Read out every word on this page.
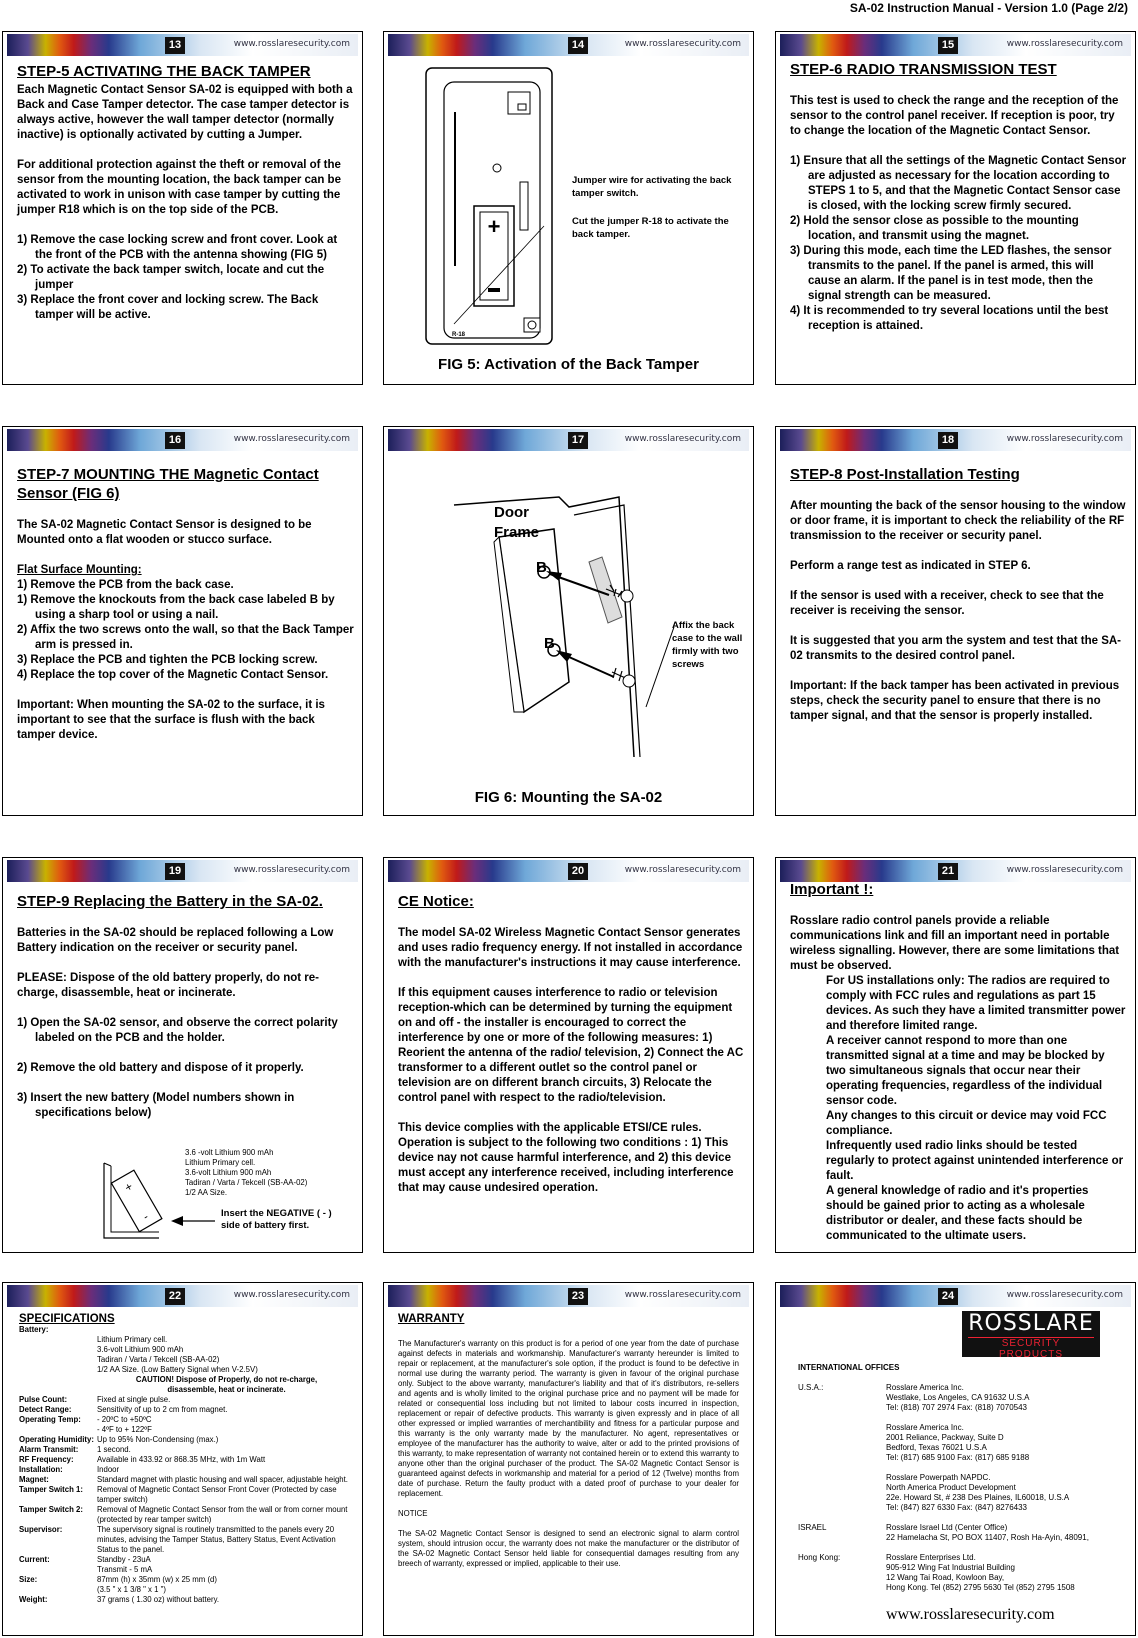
SA-02 Instruction Manual - Version 1.0 (Page 2/2)
13	www.rosslaresecurity.com
STEP-5 ACTIVATING THE BACK TAMPER

Each Magnetic Contact Sensor SA-02 is equipped with both a Back and Case Tamper detector. The case tamper detector is always active, however the wall tamper detector (normally inactive) is optionally activated by cutting a Jumper.

For additional protection against the theft or removal of the sensor from the mounting location, the back tamper can be activated to work in unison with case tamper by cutting the jumper R18 which is on the top side of the PCB.

1) Remove the case locking screw and front cover. Look at the front of the PCB with the antenna showing (FIG 5)
2) To activate the back tamper switch, locate and cut the jumper
3) Replace the front cover and locking screw. The Back tamper will be active.
14	www.rosslaresecurity.com
+
R-18

Jumper wire for activating the back tamper switch.

Cut the jumper R-18 to activate the back tamper.

FIG 5: Activation of the Back Tamper
15	www.rosslaresecurity.com
STEP-6 RADIO TRANSMISSION TEST

This test is used to check the range and the reception of the sensor to the control panel receiver. If reception is poor, try to change the location of the Magnetic Contact Sensor.

1) Ensure that all the settings of the Magnetic Contact Sensor are adjusted as necessary for the location according to STEPS 1 to 5, and that the Magnetic Contact Sensor case is closed, with the locking screw firmly secured.
2) Hold the sensor close as possible to the mounting location, and transmit using the magnet.
3) During this mode, each time the LED flashes, the sensor transmits to the panel. If the panel is armed, this will cause an alarm. If the panel is in test mode, then the signal strength can be measured.
4) It is recommended to try several locations until the best reception is attained.
16	www.rosslaresecurity.com
STEP-7 MOUNTING THE Magnetic Contact Sensor (FIG 6)

The SA-02 Magnetic Contact Sensor is designed to be Mounted onto a flat wooden or stucco surface.

Flat Surface Mounting:
1) Remove the PCB from the back case.
1) Remove the knockouts from the back case labeled B by using a sharp tool or using a nail.
2) Affix the two screws onto the wall, so that the Back Tamper arm is pressed in.
3) Replace the PCB and tighten the PCB locking screw.
4) Replace the top cover of the Magnetic Contact Sensor.

Important: When mounting the SA-02 to the surface, it is important to see that the surface is flush with the back tamper device.

17	www.rosslaresecurity.com
Door
Frame
B
B
Affix the back case to the wall firmly with two screws
FIG 6: Mounting the SA-02
18	www.rosslaresecurity.com
STEP-8 Post-Installation Testing

After mounting the back of the sensor housing to the window or door frame, it is important to check the reliability of the RF transmission to the receiver or security panel.

Perform a range test as indicated in STEP 6.

If the sensor is used with a receiver, check to see that the receiver is receiving the sensor.

It is suggested that you arm the system and test that the SA-02 transmits to the desired control panel.

Important: If the back tamper has been activated in previous steps, check the security panel to ensure that there is no tamper signal, and that the sensor is properly installed.

19	www.rosslaresecurity.com
STEP-9 Replacing the Battery in the SA-02.

Batteries in the SA-02 should be replaced following a Low Battery indication on the receiver or security panel.

PLEASE: Dispose of the old battery properly, do not re-charge, disassemble, heat or incinerate.

1) Open the SA-02 sensor, and observe the correct polarity labeled on the PCB and the holder.

2) Remove the old battery and dispose of it properly.

3) Insert the new battery (Model numbers shown in specifications below)
+
-
3.6 -volt Lithium 900 mAh
Lithium Primary cell.
3.6-volt Lithium 900 mAh
Tadiran / Varta / Tekcell (SB-AA-02)
1/2 AA Size.
Insert the NEGATIVE ( - ) side of battery first.
20	www.rosslaresecurity.com
CE Notice:

The model SA-02 Wireless Magnetic Contact Sensor generates and uses radio frequency energy. If not installed in accordance with the manufacturer's instructions it may cause interference.

If this equipment causes interference to radio or television reception-which can be determined by turning the equipment on and off - the installer is encouraged to correct the interference by one or more of the following measures: 1) Reorient the antenna of the radio/ television, 2) Connect the AC transformer to a different outlet so the control panel or television are on different branch circuits, 3) Relocate the control panel with respect to the radio/television.

This device complies with the applicable ETSI/CE rules. Operation is subject to the following two conditions : 1) This device nay not cause harmful interference, and 2) this device must accept any interference received, including interference that may cause undesired operation.

21	www.rosslaresecurity.com
Important !:
Rosslare radio control panels provide a reliable communications link and fill an important need in portable wireless signalling. However, there are some limitations that must be observed.
For US installations only: The radios are required to comply with FCC rules and regulations as part 15 devices. As such they have a limited transmitter power and therefore limited range.
A receiver cannot respond to more than one transmitted signal at a time and may be blocked by two simultaneous signals that occur near their operating frequencies, regardless of the individual sensor code.
Any changes to this circuit or device may void FCC compliance.
Infrequently used radio links should be tested regularly to protect against unintended interference or fault.
A general knowledge of radio and it's properties should be gained prior to acting as a wholesale distributor or dealer, and these facts should be communicated to the ultimate users.
22	www.rosslaresecurity.com
SPECIFICATIONS
Battery:	

	Lithium Primary cell.
3.6-volt Lithium 900 mAh
Tadiran / Varta / Tekcell (SB-AA-02)
1/2 AA Size. (Low Battery Signal when V-2.5V)
CAUTION! Dispose of Properly, do not re-charge, disassemble, heat or incinerate.

Pulse Count:	Fixed at single pulse.
Detect Range:	Sensitivity of up to 2 cm from magnet.
Operating Temp:	- 20ºC to +50ºC
- 4ºF to + 122ºF
Operating Humidity:	Up to 95% Non-Condensing (max.)
Alarm Transmit:	1 second.
RF Frequency:	Available in 433.92 or 868.35 MHz, with 1m Watt
Installation:	Indoor
Magnet:	Standard magnet with plastic housing and wall spacer, adjustable height.
Tamper Switch 1:	Removal of Magnetic Contact Sensor Front Cover (Protected by case tamper switch)
Tamper Switch 2:	Removal of Magnetic Contact Sensor from the wall or from corner mount (protected by rear tamper switch)
Supervisor:	The supervisory signal is routinely transmitted to the panels every 20 minutes, advising the Tamper Status, Battery Status, Event Activation Status to the panel.
Current:	Standby - 23uA
Transmit - 5 mA
Size:	87mm (h) x 35mm (w) x 25 mm (d)
(3.5 " x 1 3/8 " x 1 ")
Weight:	37 grams ( 1.30 oz) without battery.
23	www.rosslaresecurity.com
WARRANTY
The Manufacturer's warranty on this product is for a period of one year from the date of purchase against defects in materials and workmanship. Manufacturer's warranty hereunder is limited to repair or replacement, at the manufacturer's sole option, if the product is found to be defective in normal use during the warranty period. The warranty is given in favour of the original purchase only. Subject to the above warranty, manufacturer's liability and that of it's distributors, re-sellers and agents and is wholly limited to the original purchase price and no payment will be made for related or consequential loss including but not limited to labour costs incurred in inspection, replacement or repair of defective products. This warranty is given expressly and in place of all other expressed or implied warranties of merchantibility and fitness for a particular purpose and this warranty is the only warranty made by the manufacturer. No agent, representatives or employee of the manufacturer has the authority to waive, alter or add to the printed provisions of this warranty, to make representation of warranty not contained herein or to extend this warranty to anyone other than the original purchaser of the product. The SA-02 Magnetic Contact Sensor is guaranteed against defects in workmanship and material for a period of 12 (Twelve) months from date of purchase. Return the faulty product with a dated proof of purchase to your dealer for replacement.
NOTICE
The SA-02 Magnetic Contact Sensor is designed to send an electronic signal to alarm control system, should intrusion occur, the warranty does not make the manufacturer or the distributor of the SA-02 Magnetic Contact Sensor held liable for consequential damages resulting from any breech of warranty, expressed or implied, applicable to their use.
24	www.rosslaresecurity.com
ROSSLARE
SECURITY PRODUCTS
INTERNATIONAL OFFICES
U.S.A.:	Rosslare America Inc.
Westlake, Los Angeles, CA 91632 U.S.A
Tel: (818) 707 2974 Fax: (818) 7070543
Rosslare America Inc.
2001 Reliance, Packway, Suite D
Bedford, Texas 76021 U.S.A
Tel: (817) 685 9100 Fax: (817) 685 9188
Rosslare Powerpath NAPDC.
North America Product Development
22e. Howard St, # 238 Des Plaines, IL60018, U.S.A
Tel: (847) 827 6330 Fax: (847) 8276433
ISRAEL	Rosslare Israel Ltd (Center Office)
22 Hamelacha St, PO BOX 11407, Rosh Ha-Ayin, 48091,
Hong Kong:	Rosslare Enterprises Ltd.
905-912 Wing Fat Industrial Building
12 Wang Tai Road, Kowloon Bay,
Hong Kong. Tel (852) 2795 5630 Tel (852) 2795 1508
www.rosslaresecurity.com
